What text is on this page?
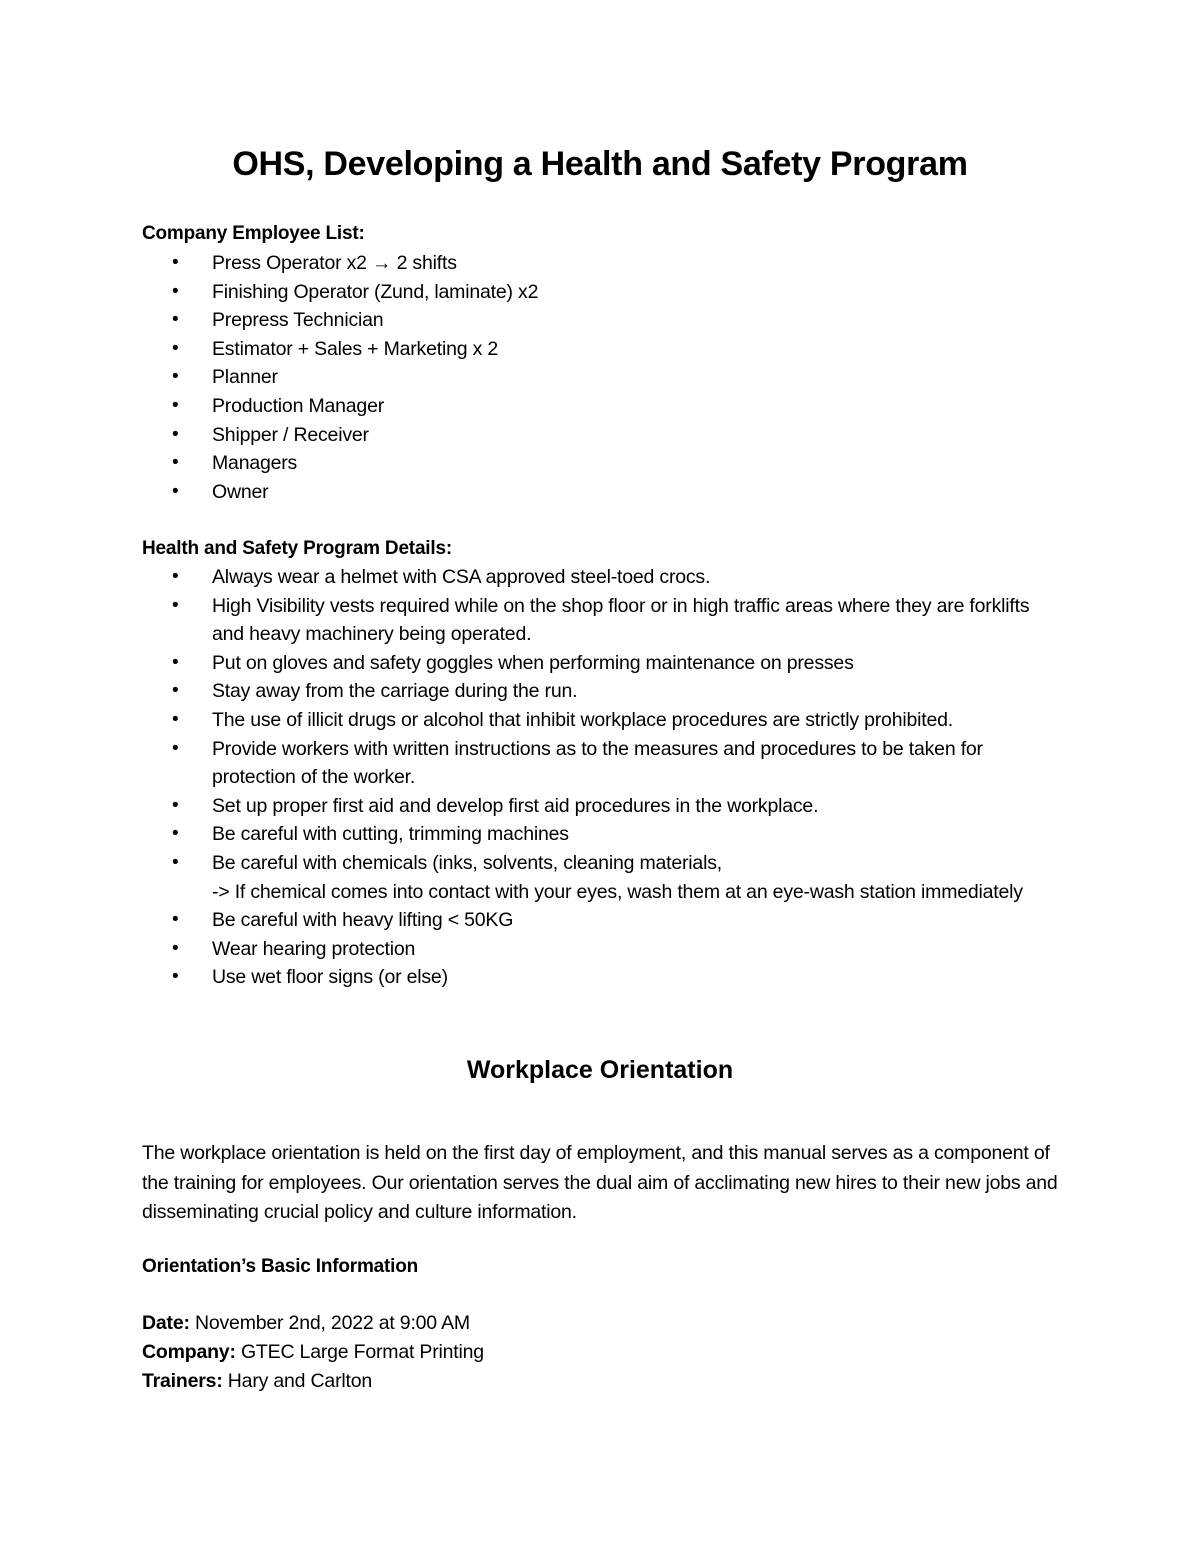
OHS, Developing a Health and Safety Program
Company Employee List:
• Press Operator x2 → 2 shifts
• Finishing Operator (Zund, laminate) x2
• Prepress Technician
• Estimator + Sales + Marketing x 2
• Planner
• Production Manager
• Shipper / Receiver
• Managers
• Owner
Health and Safety Program Details:
• Always wear a helmet with CSA approved steel-toed crocs.
• High Visibility vests required while on the shop floor or in high traffic areas where they are forklifts and heavy machinery being operated.
• Put on gloves and safety goggles when performing maintenance on presses
• Stay away from the carriage during the run.
• The use of illicit drugs or alcohol that inhibit workplace procedures are strictly prohibited.
• Provide workers with written instructions as to the measures and procedures to be taken for protection of the worker.
• Set up proper first aid and develop first aid procedures in the workplace.
• Be careful with cutting, trimming machines
• Be careful with chemicals (inks, solvents, cleaning materials,
-> If chemical comes into contact with your eyes, wash them at an eye-wash station immediately
• Be careful with heavy lifting < 50KG
• Wear hearing protection
• Use wet floor signs (or else)
Workplace Orientation

The workplace orientation is held on the first day of employment, and this manual serves as a component of the training for employees. Our orientation serves the dual aim of acclimating new hires to their new jobs and disseminating crucial policy and culture information.

Orientation’s Basic Information
Date: November 2nd, 2022 at 9:00 AM
Company: GTEC Large Format Printing
Trainers: Hary and Carlton
